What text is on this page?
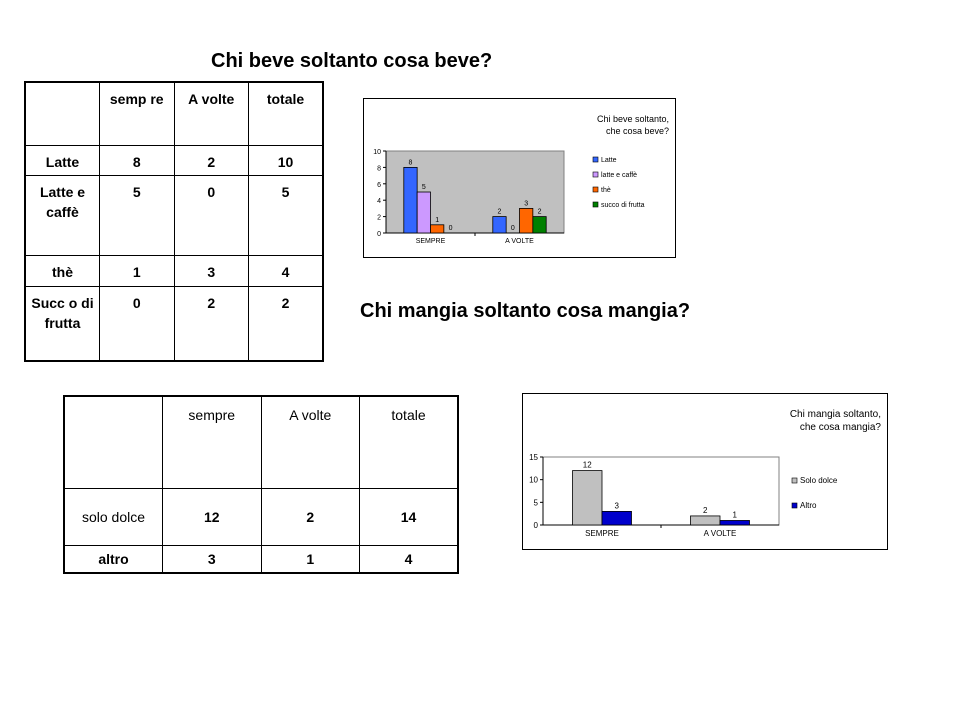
Chi beve soltanto cosa beve?
	semp re	A volte	totale
Latte	8	2	10
Latte e caffè	5	0	5
thè	1	3	4
Succ o di frutta	0	2	2
0
2
4
6
8
10
SEMPRE
8
5
1
0
A VOLTE
2
0
3
2
Latte
latte e caffè
thè
succo di frutta
Chi beve soltanto,
che cosa beve?
Chi mangia soltanto cosa mangia?
	sempre	A volte	totale
solo dolce	12	2	14
altro	3	1	4
0
5
10
15
SEMPRE
12
3
A VOLTE
2
1
Solo dolce
Altro
Chi mangia soltanto,
che cosa mangia?
